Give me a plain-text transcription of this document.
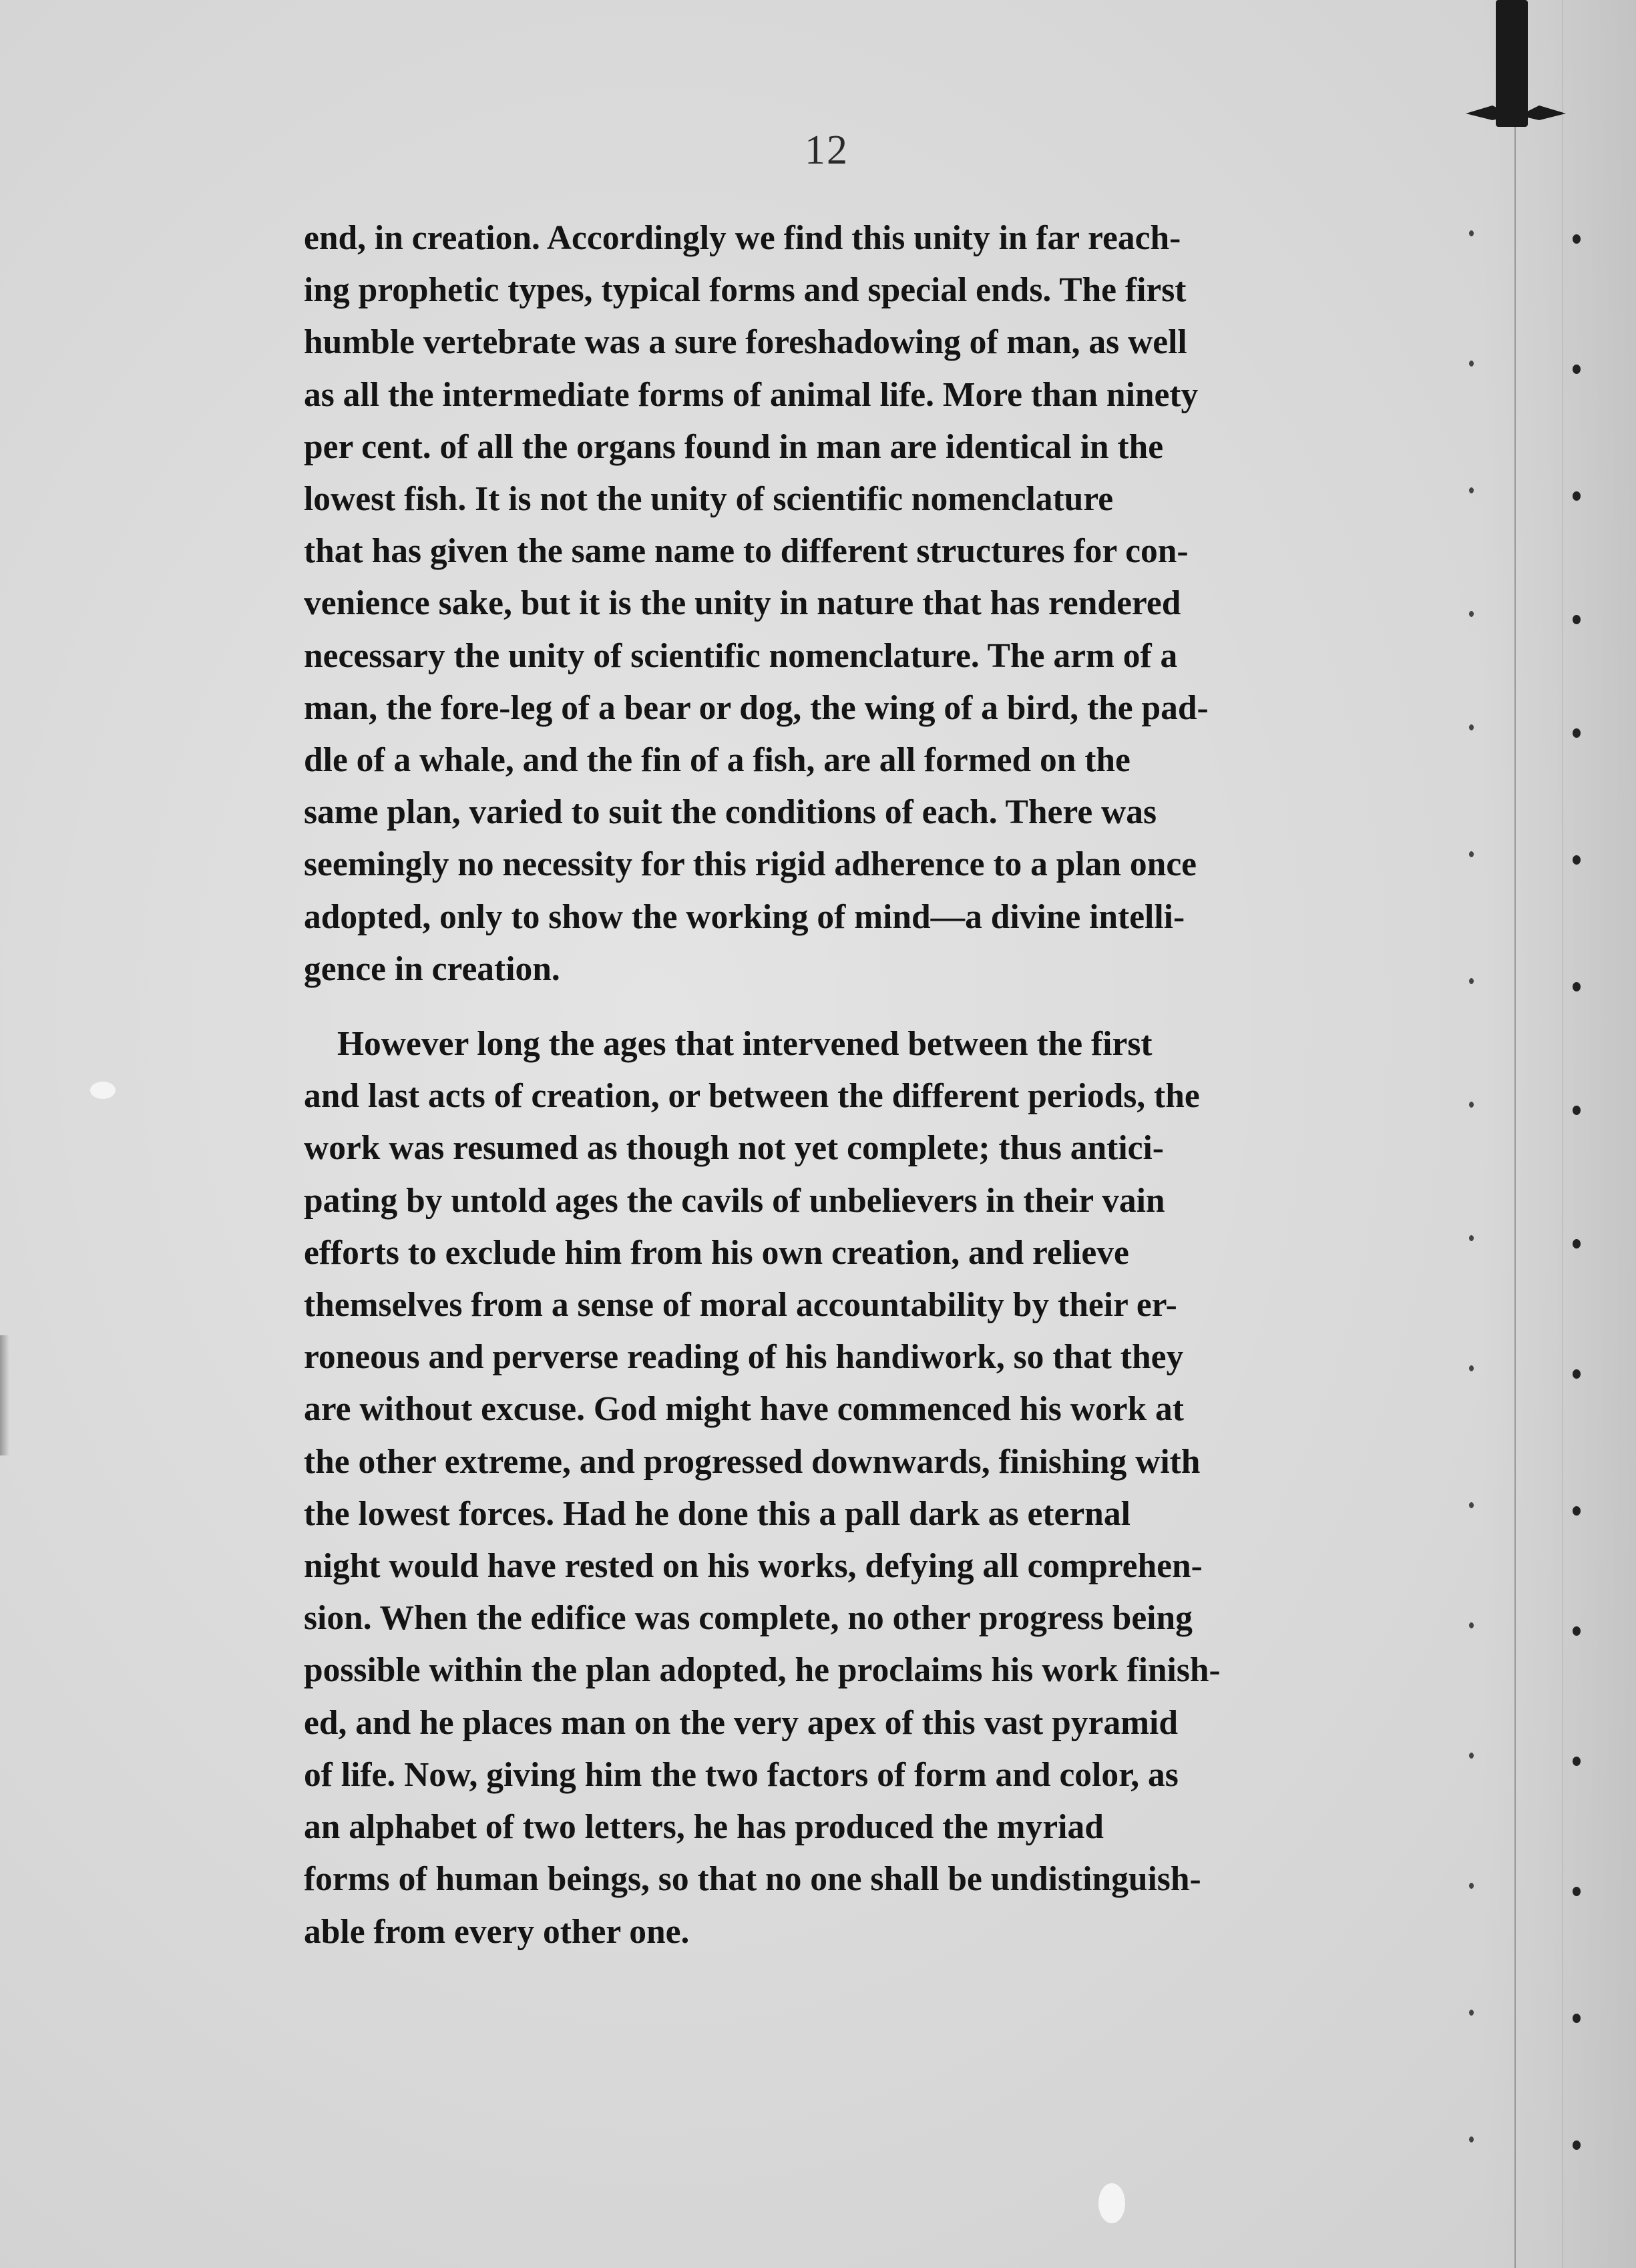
12

end, in creation. Accordingly we find this unity in far reach-

ing prophetic types, typical forms and special ends. The first

humble vertebrate was a sure foreshadowing of man, as well

as all the intermediate forms of animal life. More than ninety

per cent. of all the organs found in man are identical in the

lowest fish. It is not the unity of scientific nomenclature

that has given the same name to different structures for con-

venience sake, but it is the unity in nature that has rendered

necessary the unity of scientific nomenclature. The arm of a

man, the fore-leg of a bear or dog, the wing of a bird, the pad-

dle of a whale, and the fin of a fish, are all formed on the

same plan, varied to suit the conditions of each. There was

seemingly no necessity for this rigid adherence to a plan once

adopted, only to show the working of mind—a divine intelli-

gence in creation.

However long the ages that intervened between the first

and last acts of creation, or between the different periods, the

work was resumed as though not yet complete; thus antici-

pating by untold ages the cavils of unbelievers in their vain

efforts to exclude him from his own creation, and relieve

themselves from a sense of moral accountability by their er-

roneous and perverse reading of his handiwork, so that they

are without excuse. God might have commenced his work at

the other extreme, and progressed downwards, finishing with

the lowest forces. Had he done this a pall dark as eternal

night would have rested on his works, defying all comprehen-

sion. When the edifice was complete, no other progress being

possible within the plan adopted, he proclaims his work finish-

ed, and he places man on the very apex of this vast pyramid

of life. Now, giving him the two factors of form and color, as

an alphabet of two letters, he has produced the myriad

forms of human beings, so that no one shall be undistinguish-

able from every other one.
